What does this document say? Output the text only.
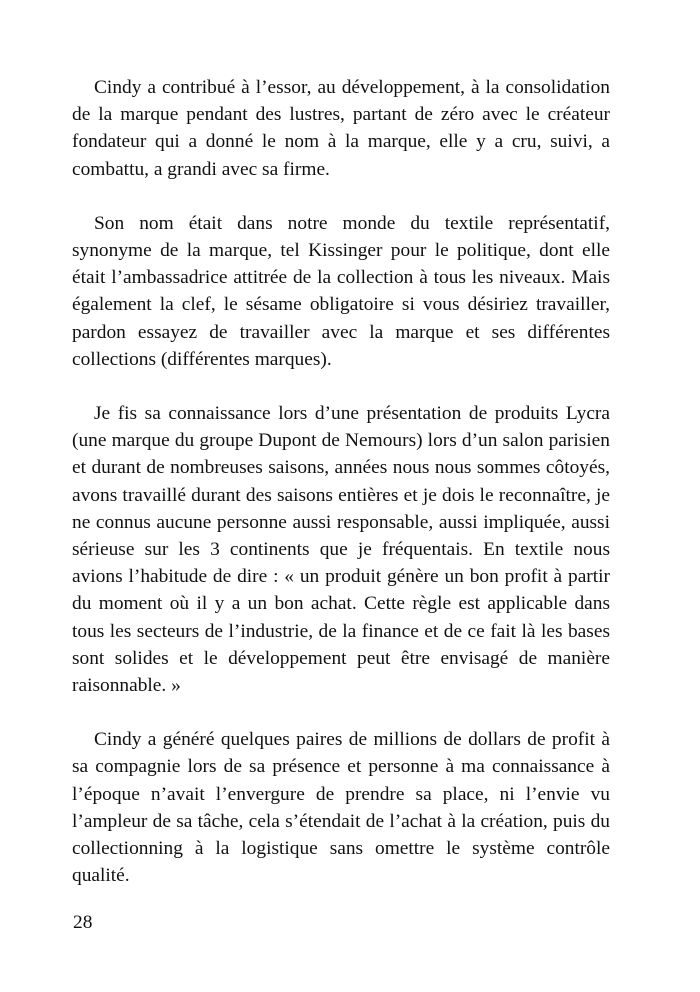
Cindy a contribué à l’essor, au développement, à la consolidation de la marque pendant des lustres, partant de zéro avec le créateur fondateur qui a donné le nom à la marque, elle y a cru, suivi, a combattu, a grandi avec sa firme.

Son nom était dans notre monde du textile représentatif, synonyme de la marque, tel Kissinger pour le politique, dont elle était l’ambassadrice attitrée de la collection à tous les niveaux. Mais également la clef, le sésame obligatoire si vous désiriez travailler, pardon essayez de travailler avec la marque et ses différentes collections (différentes marques).

Je fis sa connaissance lors d’une présentation de produits Lycra (une marque du groupe Dupont de Nemours) lors d’un salon parisien et durant de nombreuses saisons, années nous nous sommes côtoyés, avons travaillé durant des saisons entières et je dois le reconnaître, je ne connus aucune personne aussi responsable, aussi impliquée, aussi sérieuse sur les 3 continents que je fréquentais. En textile nous avions l’habitude de dire : « un produit génère un bon profit à partir du moment où il y a un bon achat. Cette règle est applicable dans tous les secteurs de l’industrie, de la finance et de ce fait là les bases sont solides et le développement peut être envisagé de manière raisonnable. »

Cindy a généré quelques paires de millions de dollars de profit à sa compagnie lors de sa présence et personne à ma connaissance à l’époque n’avait l’envergure de prendre sa place, ni l’envie vu l’ampleur de sa tâche, cela s’étendait de l’achat à la création, puis du collectionning à la logistique sans omettre le système contrôle qualité.

28
